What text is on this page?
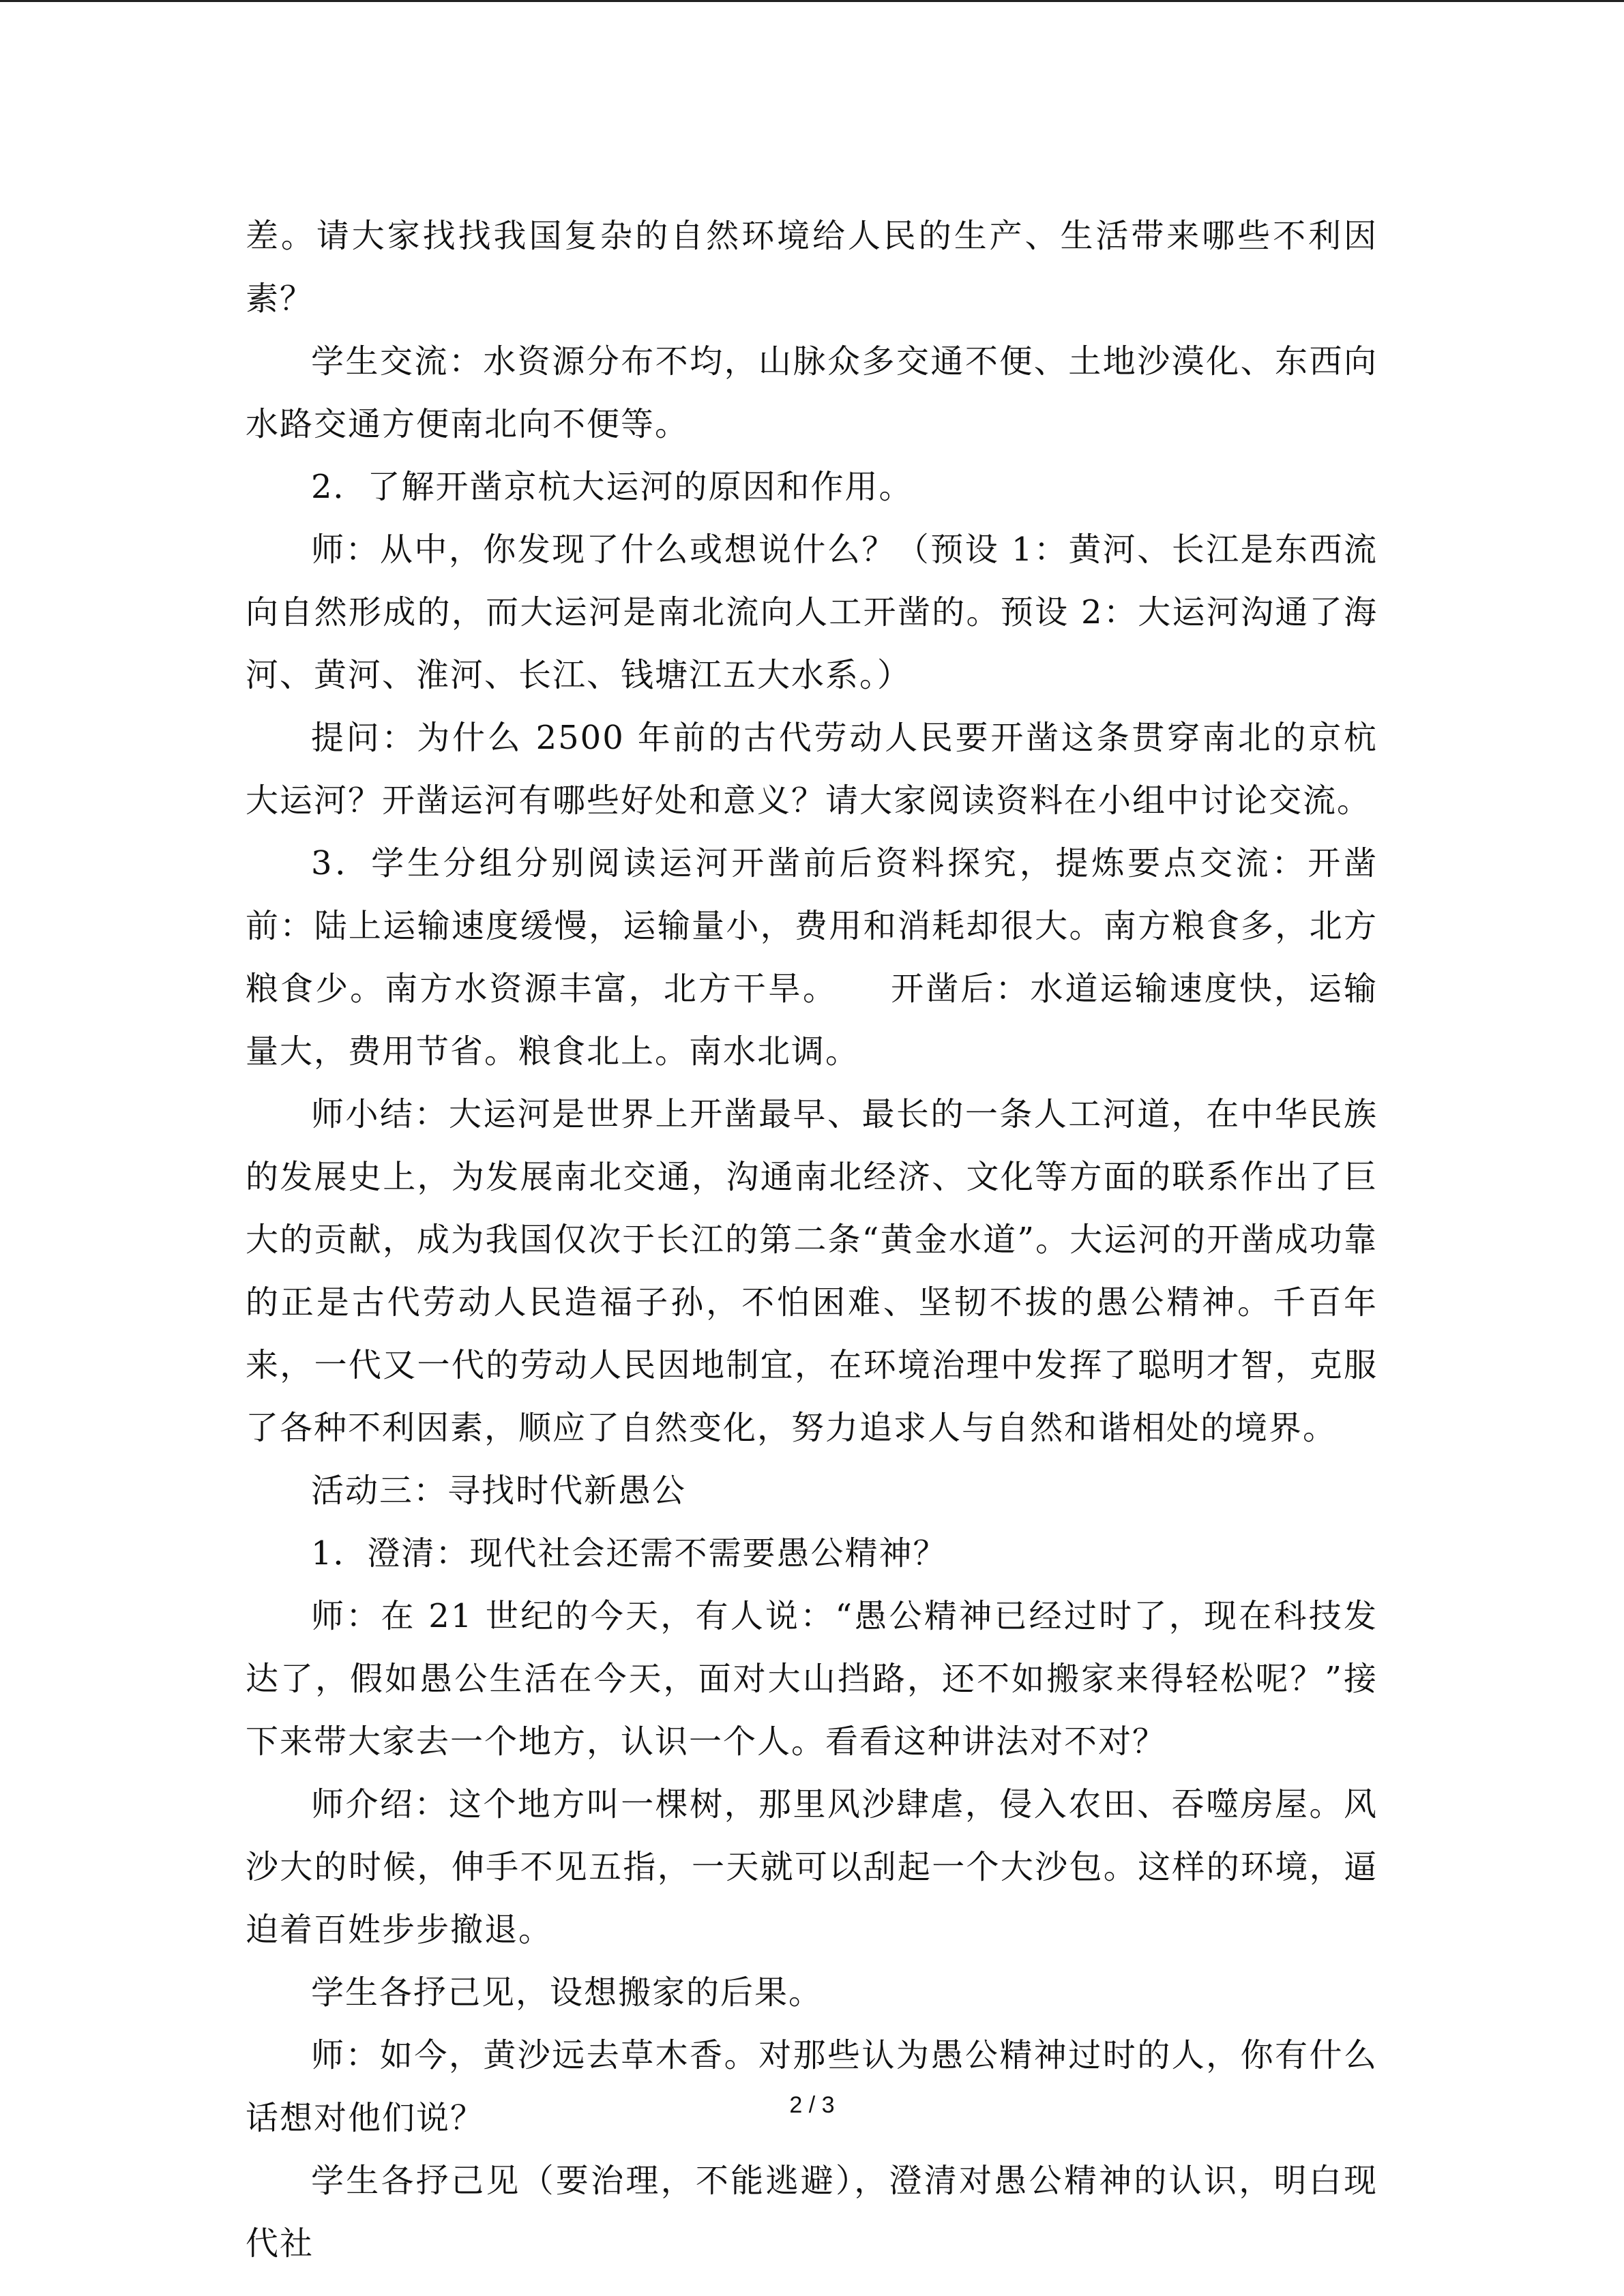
差。请大家找找我国复杂的自然环境给人民的生产、生活带来哪些不利因素？

学生交流：水资源分布不均，山脉众多交通不便、土地沙漠化、东西向水路交通方便南北向不便等。

2．了解开凿京杭大运河的原因和作用。

师：从中，你发现了什么或想说什么？（预设 1：黄河、长江是东西流向自然形成的，而大运河是南北流向人工开凿的。预设 2：大运河沟通了海河、黄河、淮河、长江、钱塘江五大水系。）

提问：为什么 2500 年前的古代劳动人民要开凿这条贯穿南北的京杭大运河？开凿运河有哪些好处和意义？请大家阅读资料在小组中讨论交流。

3．学生分组分别阅读运河开凿前后资料探究，提炼要点交流：开凿前：陆上运输速度缓慢，运输量小，费用和消耗却很大。南方粮食多，北方粮食少。南方水资源丰富，北方干旱。　　开凿后：水道运输速度快，运输量大，费用节省。粮食北上。南水北调。

师小结：大运河是世界上开凿最早、最长的一条人工河道，在中华民族的发展史上，为发展南北交通，沟通南北经济、文化等方面的联系作出了巨大的贡献，成为我国仅次于长江的第二条“黄金水道”。大运河的开凿成功靠的正是古代劳动人民造福子孙，不怕困难、坚韧不拔的愚公精神。千百年来，一代又一代的劳动人民因地制宜，在环境治理中发挥了聪明才智，克服了各种不利因素，顺应了自然变化，努力追求人与自然和谐相处的境界。

活动三：寻找时代新愚公

1．澄清：现代社会还需不需要愚公精神？

师：在 21 世纪的今天，有人说：“愚公精神已经过时了，现在科技发达了，假如愚公生活在今天，面对大山挡路，还不如搬家来得轻松呢？”接下来带大家去一个地方，认识一个人。看看这种讲法对不对？

师介绍：这个地方叫一棵树，那里风沙肆虐，侵入农田、吞噬房屋。风沙大的时候，伸手不见五指，一天就可以刮起一个大沙包。这样的环境，逼迫着百姓步步撤退。

学生各抒己见，设想搬家的后果。

师：如今，黄沙远去草木香。对那些认为愚公精神过时的人，你有什么话想对他们说？

学生各抒己见（要治理，不能逃避），澄清对愚公精神的认识，明白现代社

2 / 3
